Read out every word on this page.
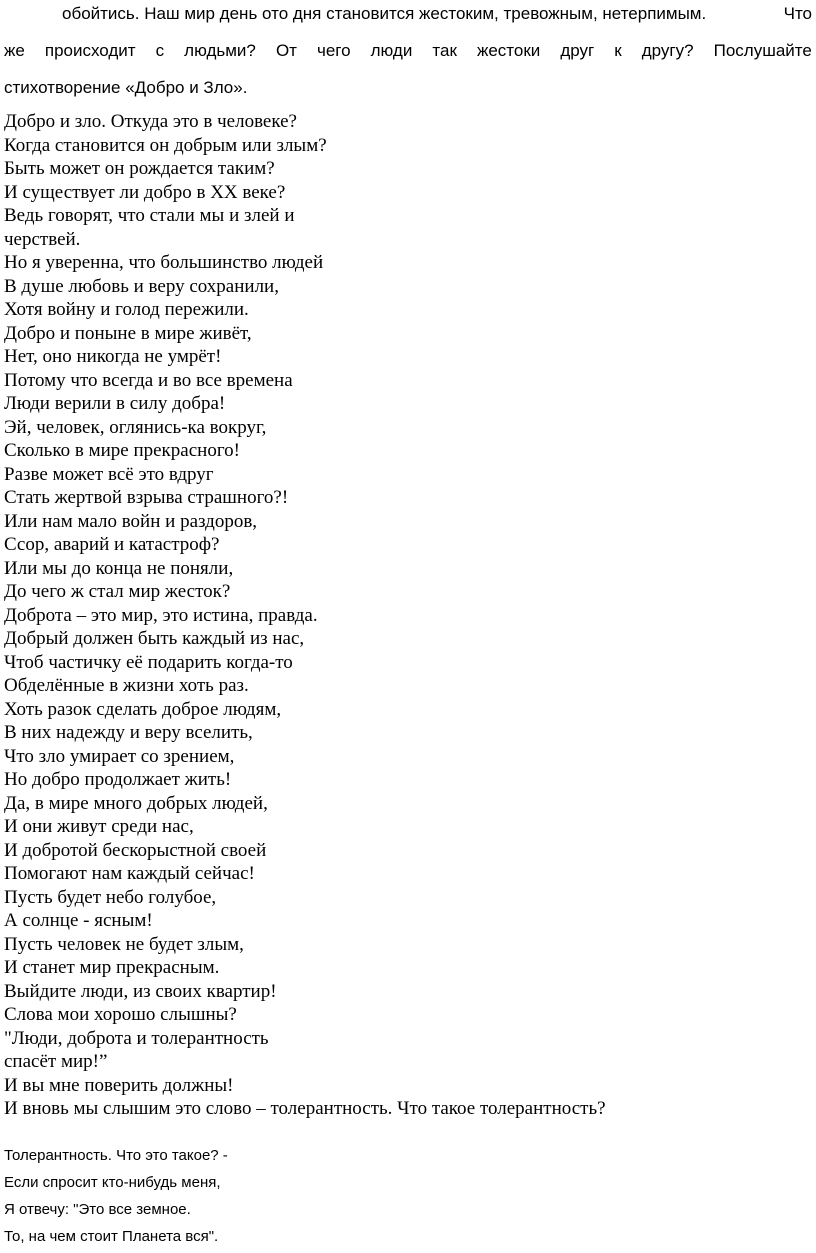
обойтись. Наш мир день ото дня становится жестоким, тревожным, нетерпимым.	Что
же происходит с людьми? От чего люди так жестоки друг к другу? Послушайте
стихотворение «Добро и Зло».
Добро и зло. Откуда это в человеке?
Когда становится он добрым или злым?
Быть может он рождается таким?
И существует ли добро в XX веке?
Ведь говорят, что стали мы и злей и
черствей.
Но я уверенна, что большинство людей
В душе любовь и веру сохранили,
Хотя войну и голод пережили.
Добро и поныне в мире живёт,
Нет, оно никогда не умрёт!
Потому что всегда и во все времена
Люди верили в силу добра!
Эй, человек, оглянись-ка вокруг,
Сколько в мире прекрасного!
Разве может всё это вдруг
Стать жертвой взрыва страшного?!
Или нам мало войн и раздоров,
Ссор, аварий и катастроф?
Или мы до конца не поняли,
До чего ж стал мир жесток?
Доброта – это мир, это истина, правда.
Добрый должен быть каждый из нас,
Чтоб частичку её подарить когда-то
Обделённые в жизни хоть раз.
Хоть разок сделать доброе людям,
В них надежду и веру вселить,
Что зло умирает со зрением,
Но добро продолжает жить!
Да, в мире много добрых людей,
И они живут среди нас,
И добротой бескорыстной своей
Помогают нам каждый сейчас!
Пусть будет небо голубое,
А солнце - ясным!
Пусть человек не будет злым,
И станет мир прекрасным.
Выйдите люди, из своих квартир!
Слова мои хорошо слышны?
"Люди, доброта и толерантность
спасёт мир!”
И вы мне поверить должны!
И вновь мы слышим это слово – толерантность. Что такое толерантность?
Толерантность. Что это такое? -
Если спросит кто-нибудь меня,
Я отвечу: "Это все земное.
То, на чем стоит Планета вся".
